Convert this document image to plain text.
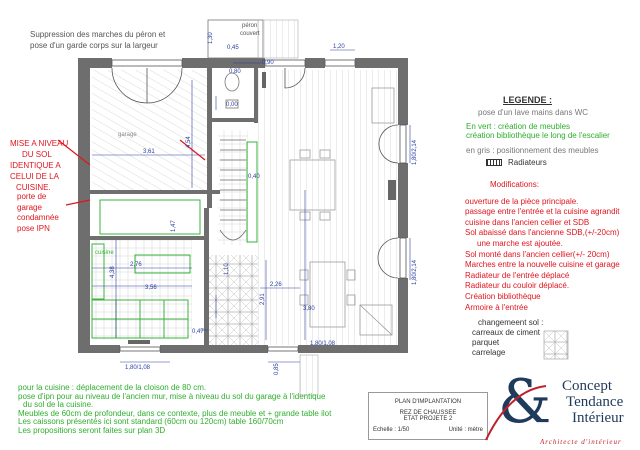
Suppression des marches du péron et
pose d'un garde corps sur la largeur
1,30
0,45
0,90
0,80
1,20
0,00
4,54
3,61
1,47
0,40
2,76
4,38
3,56
1,10
2,26
2,91
3,80
0,47
1,80/1,08
1,80/1,08
1,80/2,14
1,80/2,14
0,85
garage
cuisine
péron
couvert
MISE A NIVEAU
DU SOL
IDENTIQUE A
CELUI DE LA
CUISINE.
porte de
garage
condamnée
pose IPN
LEGENDE :
pose d'un lave mains dans WC
En vert : création de meubles
création bibliothèque le long de l'escalier
en gris : positionnement des meubles
Radiateurs
Modifications:
ouverture de la pièce principale.
passage entre l'entrée et la cuisine agrandit
cuisine dans l'ancien cellier et SDB
Sol abaissé dans l'ancienne SDB,(+/-20cm)
une marche est ajoutée.
Sol monté dans l'ancien cellier(+/- 20cm)
Marches entre la nouvelle cuisine et garage
Radiateur de l'entrée déplacé
Radiateur du couloir déplacé.
Création bibliothèque
Armoire à l'entrée
changemeent sol :
carreaux de ciment
parquet
carrelage
pour la cuisine : déplacement de la cloison de 80 cm.
pose d'ipn pour au niveau de l'ancien mur, mise à niveau du sol du garage à l'identique
du sol de la cuisine.
Meubles de 60cm de profondeur, dans ce contexte, plus de meuble et + grande table ilot
Les caissons présentés ici sont standard (60cm ou 120cm) table 160/70cm
Les propositions seront faites sur plan 3D
PLAN D'IMPLANTATION
REZ DE CHAUSSEE
ETAT PROJETE 2
Echelle : 1/50	Unité : mètre & Concept
Tendance
Intérieur
Architecte d'intérieur
